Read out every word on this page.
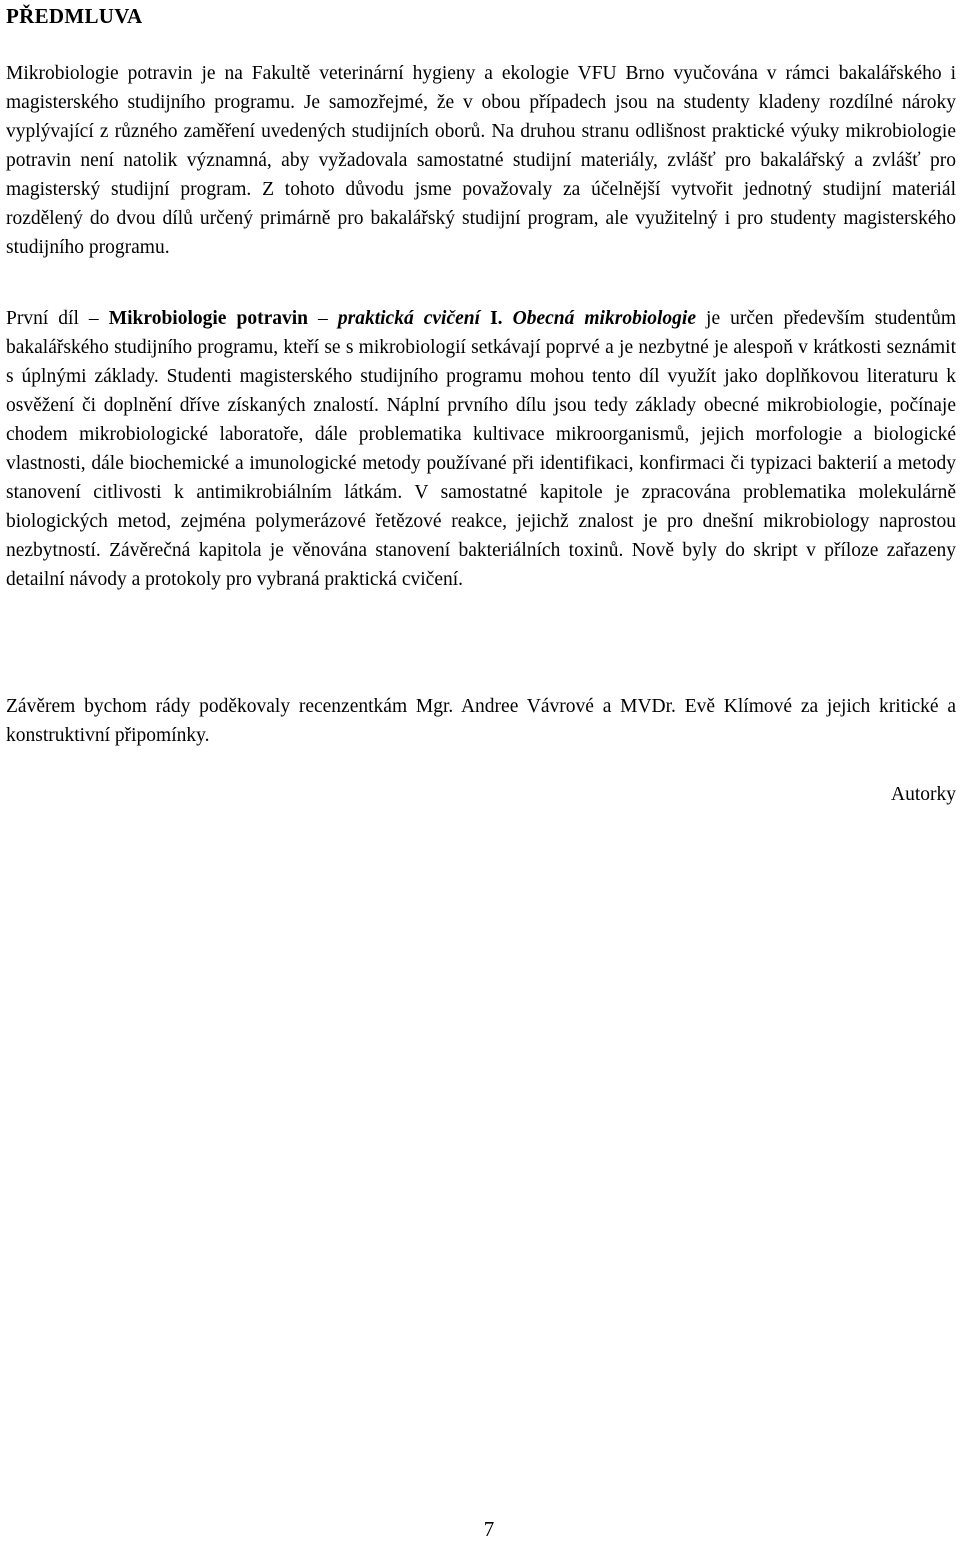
PŘEDMLUVA

Mikrobiologie potravin je na Fakultě veterinární hygieny a ekologie VFU Brno vyučována v rámci bakalářského i magisterského studijního programu. Je samozřejmé, že v obou případech jsou na studenty kladeny rozdílné nároky vyplývající z různého zaměření uvedených studijních oborů. Na druhou stranu odlišnost praktické výuky mikrobiologie potravin není natolik významná, aby vyžadovala samostatné studijní materiály, zvlášť pro bakalářský a zvlášť pro magisterský studijní program. Z tohoto důvodu jsme považovaly za účelnější vytvořit jednotný studijní materiál rozdělený do dvou dílů určený primárně pro bakalářský studijní program, ale využitelný i pro studenty magisterského studijního programu.

První díl – Mikrobiologie potravin – praktická cvičení I. Obecná mikrobiologie je určen především studentům bakalářského studijního programu, kteří se s mikrobiologií setkávají poprvé a je nezbytné je alespoň v krátkosti seznámit s úplnými základy. Studenti magisterského studijního programu mohou tento díl využít jako doplňkovou literaturu k osvěžení či doplnění dříve získaných znalostí. Náplní prvního dílu jsou tedy základy obecné mikrobiologie, počínaje chodem mikrobiologické laboratoře, dále problematika kultivace mikroorganismů, jejich morfologie a biologické vlastnosti, dále biochemické a imunologické metody používané při identifikaci, konfirmaci či typizaci bakterií a metody stanovení citlivosti k antimikrobiálním látkám. V samostatné kapitole je zpracována problematika molekulárně biologických metod, zejména polymerázové řetězové reakce, jejichž znalost je pro dnešní mikrobiology naprostou nezbytností. Závěrečná kapitola je věnována stanovení bakteriálních toxinů. Nově byly do skript v příloze zařazeny detailní návody a protokoly pro vybraná praktická cvičení.

Závěrem bychom rády poděkovaly recenzentkám Mgr. Andree Vávrové a MVDr. Evě Klímové za jejich kritické a konstruktivní připomínky.

Autorky

7
